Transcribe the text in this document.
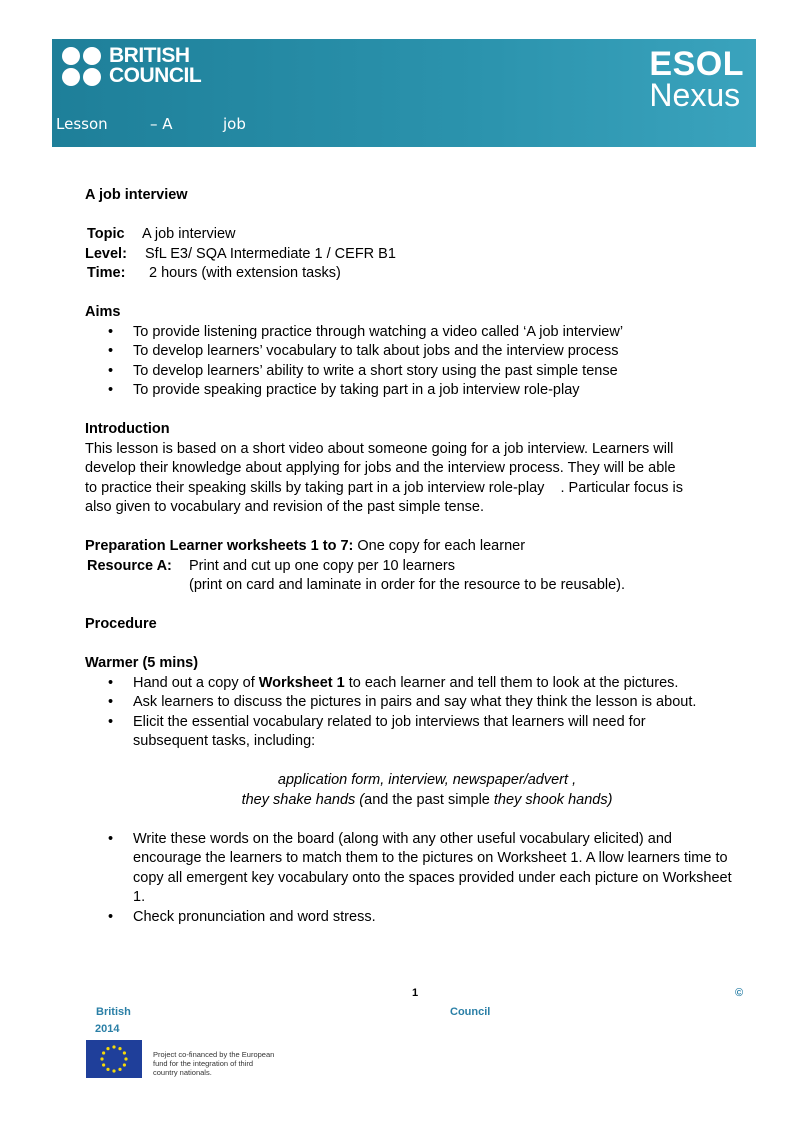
BRITISH
COUNCIL	ESOL
Nexus
Lesson	– A	job
A job interview
Topic	A job interview
Level:	SfL E3/ SQA Intermediate 1 / CEFR B1
Time:	2 hours (with extension tasks)
Aims
• To provide listening practice through watching a video called ‘A job interview’
• To develop learners’ vocabulary to talk about jobs and the interview process
• To develop learners’ ability to write a short story using the past simple tense
• To provide speaking practice by taking part in a job interview role-play
Introduction
This lesson is based on a short video about someone going for a job interview. Learners will
develop their knowledge about applying for jobs and the interview process. They will be able
to practice their speaking skills by taking part in a job interview role-play    . Particular focus is
also given to vocabulary and revision of the past simple tense.
Preparation Learner worksheets 1 to 7: One copy for each learner
Resource A:	Print and cut up one copy per 10 learners
(print on card and laminate in order for the resource to be reusable).
Procedure
Warmer (5 mins)
• Hand out a copy of Worksheet 1 to each learner and tell them to look at the pictures.
• Ask learners to discuss the pictures in pairs and say what they think the lesson is about.
• Elicit the essential vocabulary related to job interviews that learners will need for subsequent tasks, including:
application form, interview, newspaper/advert ,
they shake hands (and the past simple they shook hands)
• Write these words on the board (along with any other useful vocabulary elicited) and encourage the learners to match them to the pictures on Worksheet 1. A llow learners time to copy all emergent key vocabulary onto the spaces provided under each picture on Worksheet 1.
• Check pronunciation and word stress.
1	©
British	Council
2014
Project co-financed by the European
fund for the integration of third
country nationals.
